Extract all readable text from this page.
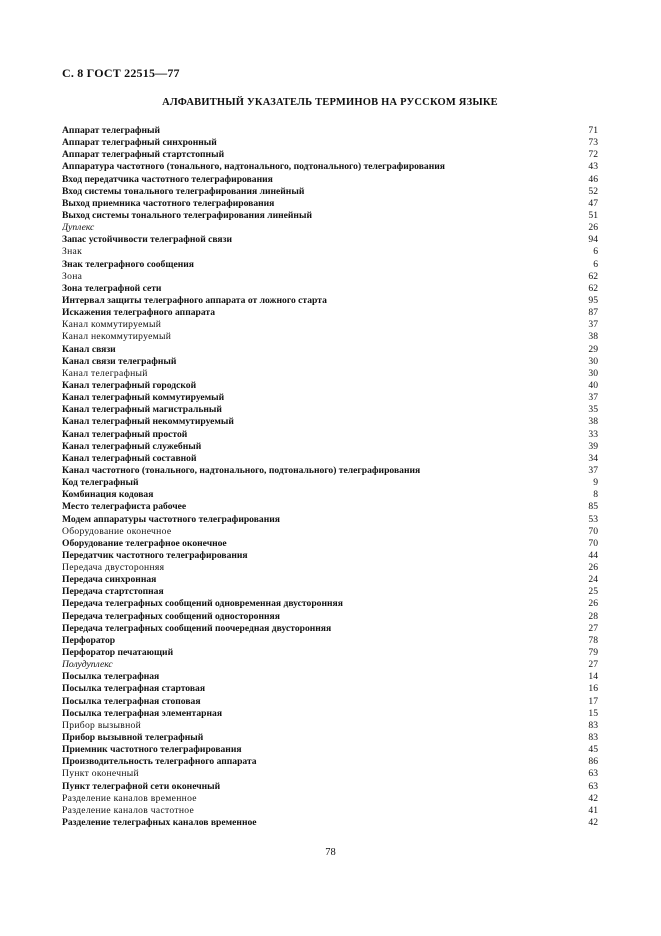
С. 8 ГОСТ 22515—77
АЛФАВИТНЫЙ УКАЗАТЕЛЬ ТЕРМИНОВ НА РУССКОМ ЯЗЫКЕ
Аппарат телеграфный	71
Аппарат телеграфный синхронный	73
Аппарат телеграфный стартстопный	72
Аппаратура частотного (тонального, надтонального, подтонального) телеграфирования	43
Вход передатчика частотного телеграфирования	46
Вход системы тонального телеграфирования линейный	52
Выход приемника частотного телеграфирования	47
Выход системы тонального телеграфирования линейный	51
Дуплекс	26
Запас устойчивости телеграфной связи	94
Знак	6
Знак телеграфного сообщения	6
Зона	62
Зона телеграфной сети	62
Интервал защиты телеграфного аппарата от ложного старта	95
Искажения телеграфного аппарата	87
Канал коммутируемый	37
Канал некоммутируемый	38
Канал связи	29
Канал связи телеграфный	30
Канал телеграфный	30
Канал телеграфный городской	40
Канал телеграфный коммутируемый	37
Канал телеграфный магистральный	35
Канал телеграфный некоммутируемый	38
Канал телеграфный простой	33
Канал телеграфный служебный	39
Канал телеграфный составной	34
Канал частотного (тонального, надтонального, подтонального) телеграфирования	37
Код телеграфный	9
Комбинация кодовая	8
Место телеграфиста рабочее	85
Модем аппаратуры частотного телеграфирования	53
Оборудование оконечное	70
Оборудование телеграфное оконечное	70
Передатчик частотного телеграфирования	44
Передача двусторонняя	26
Передача синхронная	24
Передача стартстопная	25
Передача телеграфных сообщений одновременная двусторонняя	26
Передача телеграфных сообщений односторонняя	28
Передача телеграфных сообщений поочередная двусторонняя	27
Перфоратор	78
Перфоратор печатающий	79
Полудуплекс	27
Посылка телеграфная	14
Посылка телеграфная стартовая	16
Посылка телеграфная стоповая	17
Посылка телеграфная элементарная	15
Прибор вызывной	83
Прибор вызывной телеграфный	83
Приемник частотного телеграфирования	45
Производительность телеграфного аппарата	86
Пункт оконечный	63
Пункт телеграфной сети оконечный	63
Разделение каналов временное	42
Разделение каналов частотное	41
Разделение телеграфных каналов временное	42
78
